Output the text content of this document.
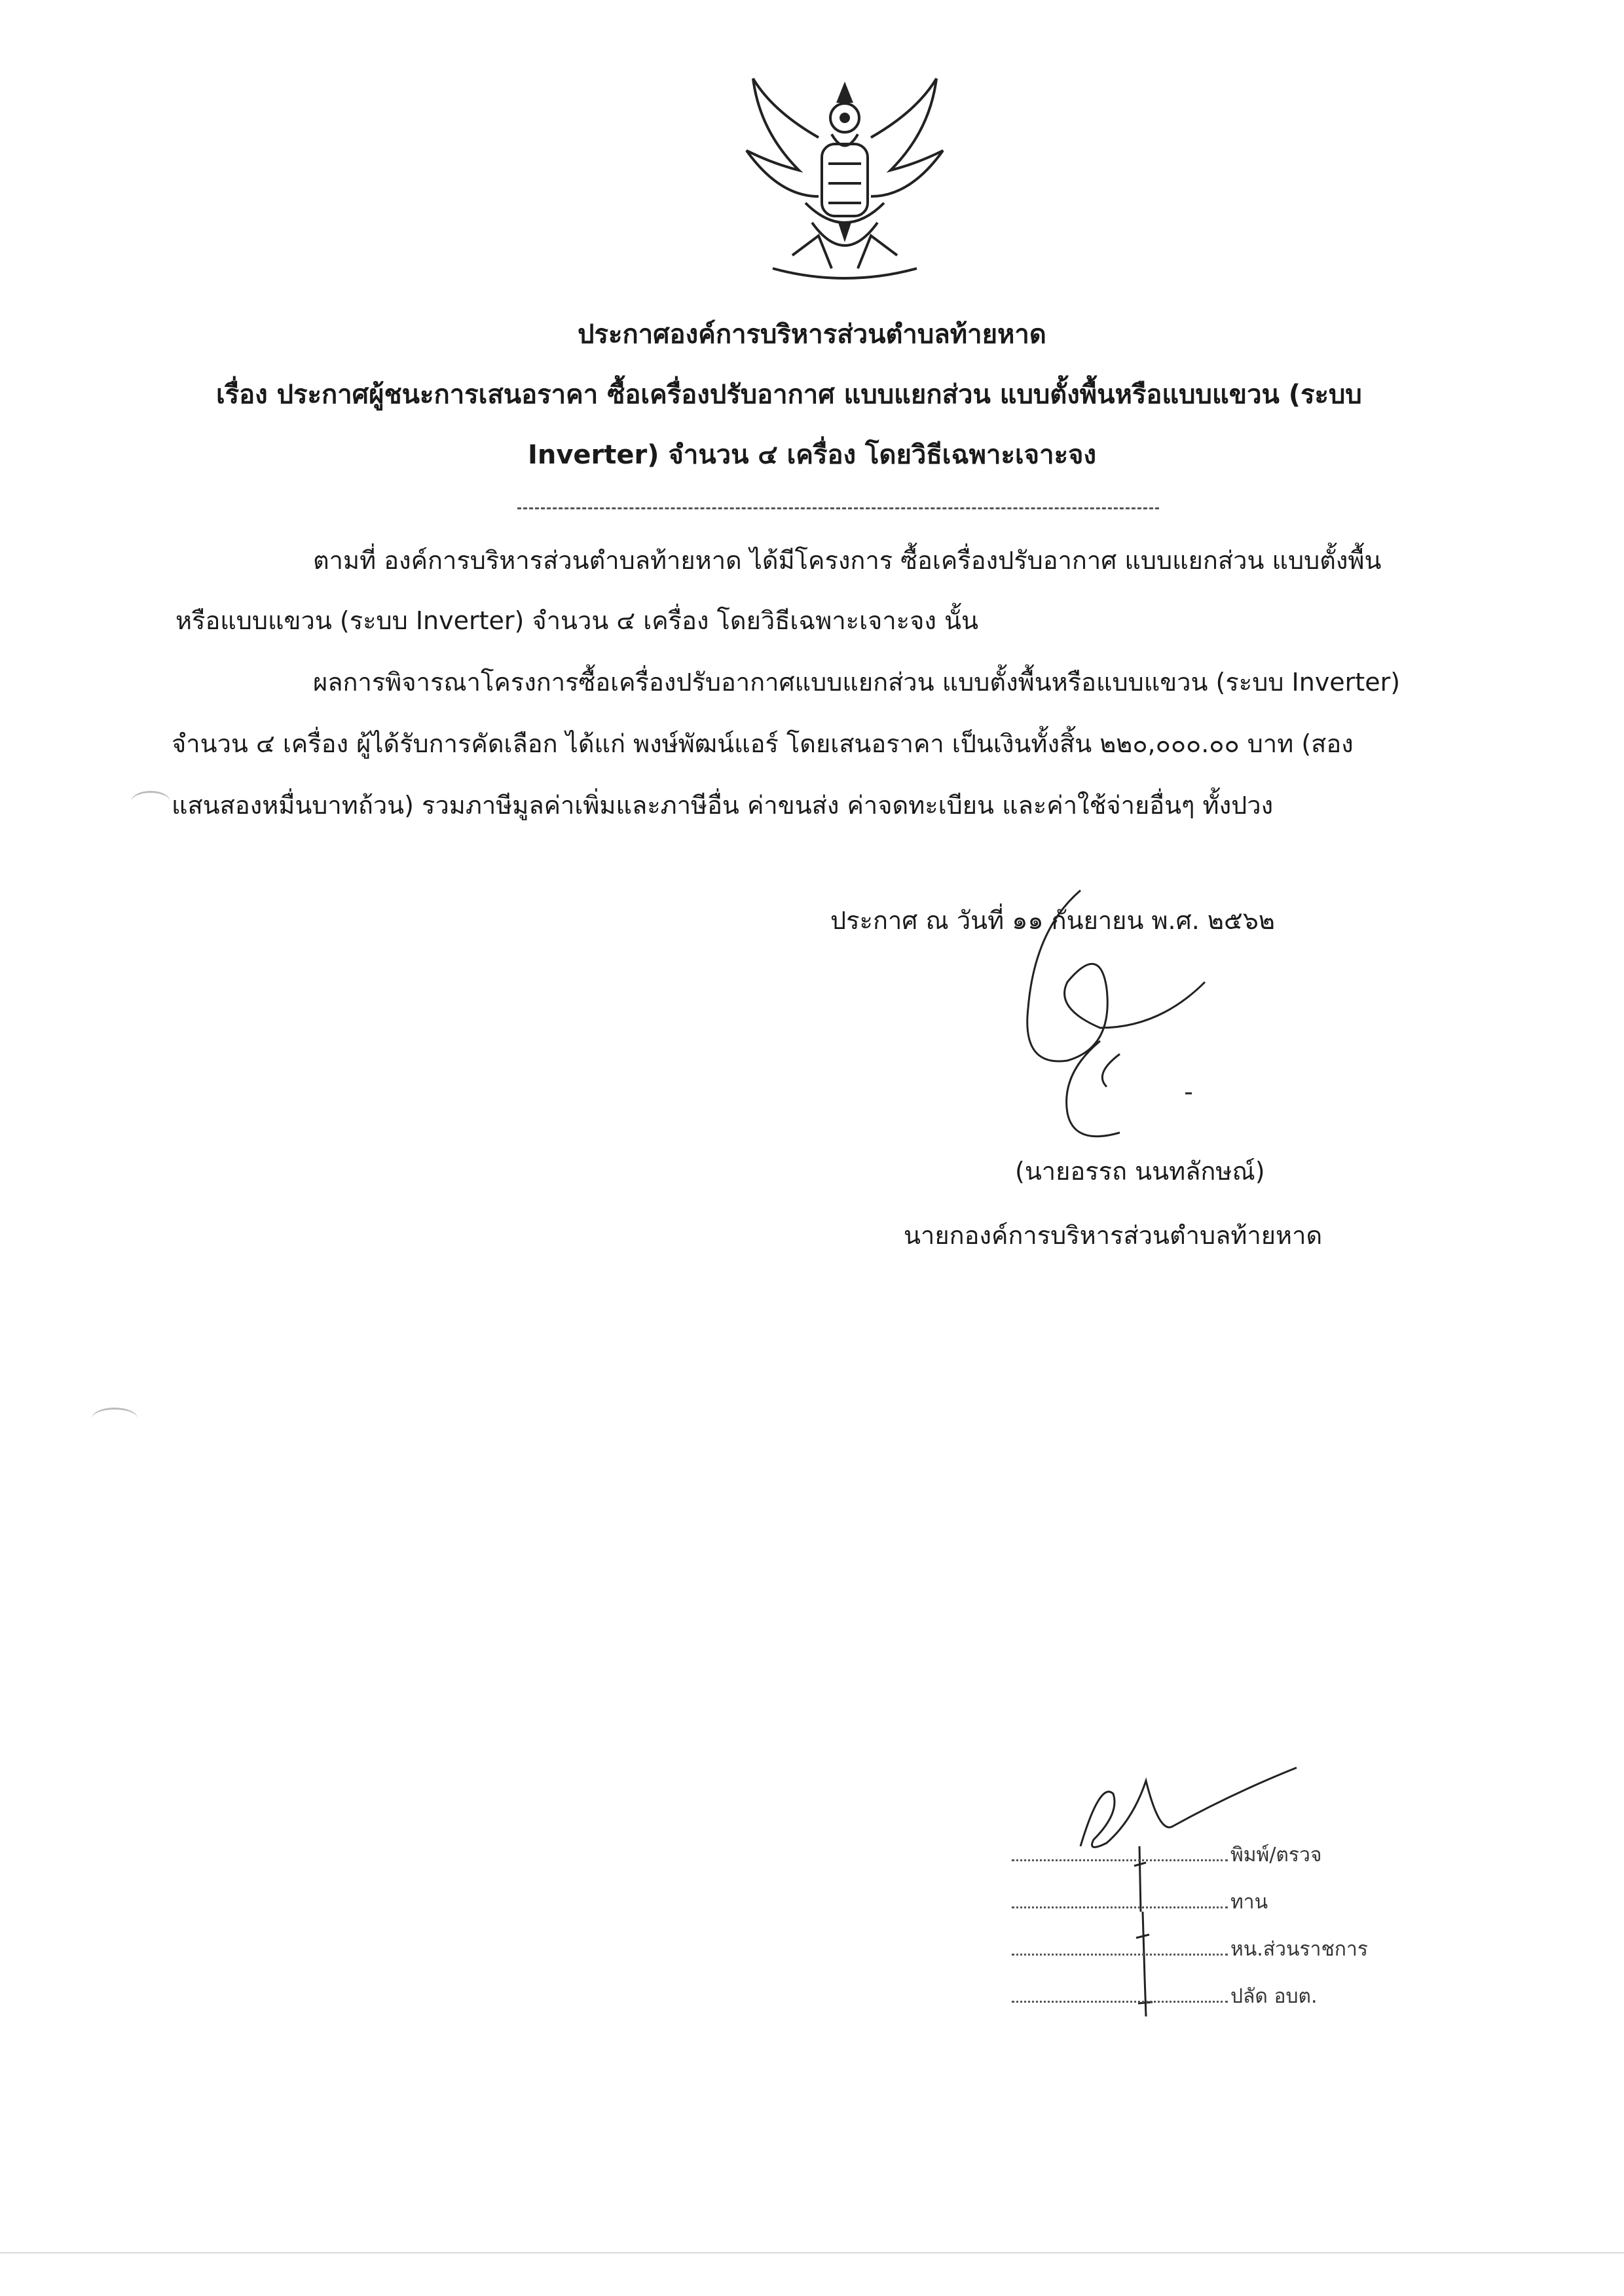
ประกาศองค์การบริหารส่วนตำบลท้ายหาด
เรื่อง ประกาศผู้ชนะการเสนอราคา ซื้อเครื่องปรับอากาศ แบบแยกส่วน แบบตั้งพื้นหรือแบบแขวน (ระบบ
Inverter) จำนวน ๔ เครื่อง โดยวิธีเฉพาะเจาะจง
ตามที่ องค์การบริหารส่วนตำบลท้ายหาด ได้มีโครงการ ซื้อเครื่องปรับอากาศ แบบแยกส่วน แบบตั้งพื้น
หรือแบบแขวน (ระบบ Inverter) จำนวน ๔ เครื่อง โดยวิธีเฉพาะเจาะจง นั้น
ผลการพิจารณาโครงการซื้อเครื่องปรับอากาศแบบแยกส่วน แบบตั้งพื้นหรือแบบแขวน (ระบบ Inverter)
จำนวน ๔ เครื่อง ผู้ได้รับการคัดเลือก ได้แก่ พงษ์พัฒน์แอร์ โดยเสนอราคา เป็นเงินทั้งสิ้น ๒๒๐,๐๐๐.๐๐ บาท (สอง
แสนสองหมื่นบาทถ้วน) รวมภาษีมูลค่าเพิ่มและภาษีอื่น ค่าขนส่ง ค่าจดทะเบียน และค่าใช้จ่ายอื่นๆ ทั้งปวง
ประกาศ ณ วันที่ ๑๑ กันยายน พ.ศ. ๒๕๖๒
(นายอรรถ นนทลักษณ์)
นายกองค์การบริหารส่วนตำบลท้ายหาด
พิมพ์/ตรวจ
ทาน
หน.ส่วนราชการ
ปลัด อบต.
